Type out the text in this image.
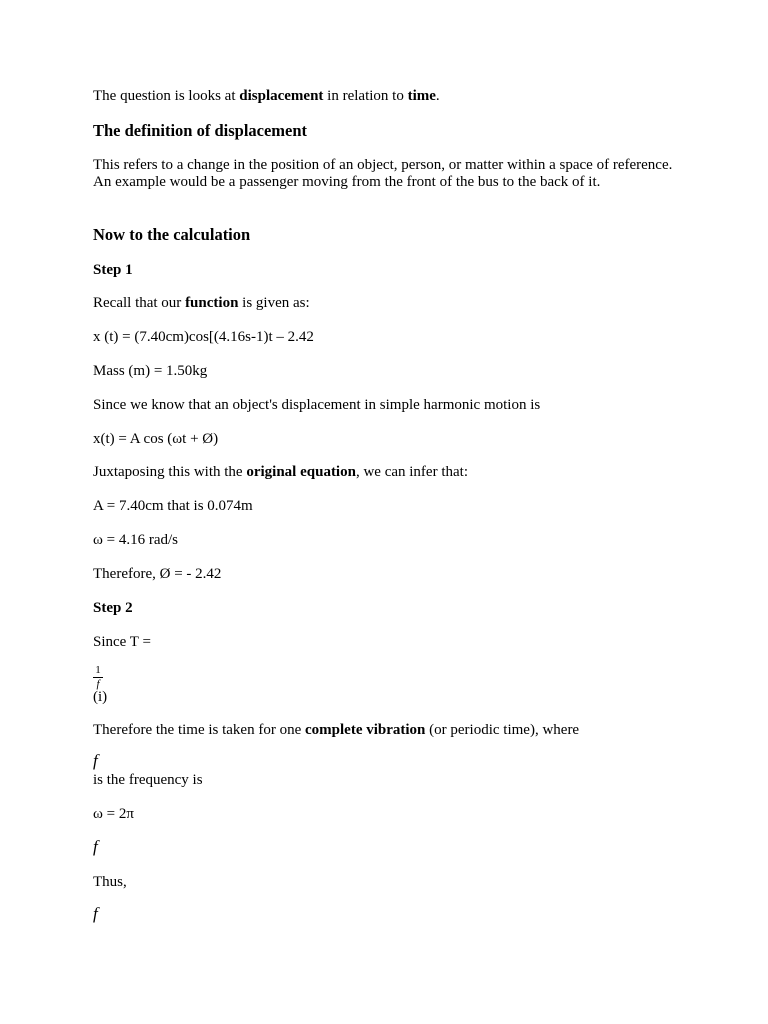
The question is looks at displacement in relation to time.
The definition of displacement
This refers to a change in the position of an object, person, or matter within a space of reference. An example would be a passenger moving from the front of the bus to the back of it.
Now to the calculation
Step 1
Recall that our function is given as:
x (t) = (7.40cm)cos[(4.16s-1)t – 2.42
Mass (m) = 1.50kg
Since we know that an object's displacement in simple harmonic motion is
x(t) = A cos (ωt + Ø)
Juxtaposing this with the original equation, we can infer that:
A = 7.40cm that is 0.074m
ω = 4.16 rad/s
Therefore, Ø = - 2.42
Step 2
Since T =
$\frac{1}{f}$
(i)
Therefore the time is taken for one complete vibration (or periodic time), where
f
is the frequency is
ω = 2π
f
Thus,
f
